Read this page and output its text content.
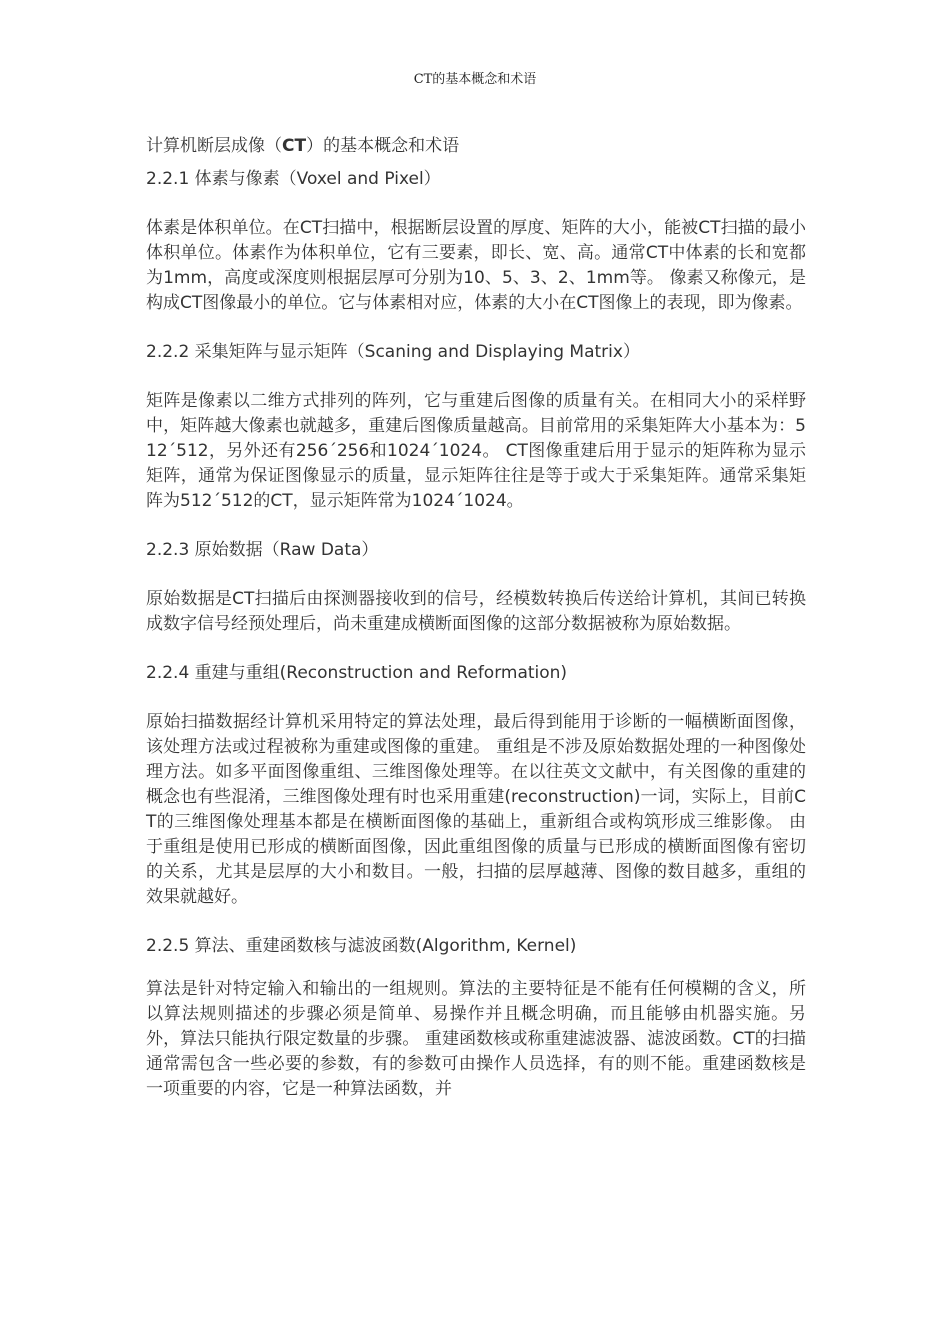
CT的基本概念和术语
计算机断层成像（CT）的基本概念和术语
2.2.1 体素与像素（Voxel and Pixel）

体素是体积单位。在CT扫描中，根据断层设置的厚度、矩阵的大小，能被CT扫描的最小体积单位。体素作为体积单位，它有三要素，即长、宽、高。通常CT中体素的长和宽都为1mm，高度或深度则根据层厚可分别为10、5、3、2、1mm等。 像素又称像元，是构成CT图像最小的单位。它与体素相对应，体素的大小在CT图像上的表现，即为像素。

2.2.2 采集矩阵与显示矩阵（Scaning and Displaying Matrix）

矩阵是像素以二维方式排列的阵列，它与重建后图像的质量有关。在相同大小的采样野中，矩阵越大像素也就越多，重建后图像质量越高。目前常用的采集矩阵大小基本为：512´512，另外还有256´256和1024´1024。 CT图像重建后用于显示的矩阵称为显示矩阵，通常为保证图像显示的质量，显示矩阵往往是等于或大于采集矩阵。通常采集矩阵为512´512的CT，显示矩阵常为1024´1024。

2.2.3 原始数据（Raw Data）

原始数据是CT扫描后由探测器接收到的信号，经模数转换后传送给计算机，其间已转换成数字信号经预处理后，尚未重建成横断面图像的这部分数据被称为原始数据。

2.2.4 重建与重组(Reconstruction and Reformation)

原始扫描数据经计算机采用特定的算法处理，最后得到能用于诊断的一幅横断面图像，该处理方法或过程被称为重建或图像的重建。 重组是不涉及原始数据处理的一种图像处理方法。如多平面图像重组、三维图像处理等。在以往英文文献中，有关图像的重建的概念也有些混淆，三维图像处理有时也采用重建(reconstruction)一词，实际上，目前CT的三维图像处理基本都是在横断面图像的基础上，重新组合或构筑形成三维影像。 由于重组是使用已形成的横断面图像，因此重组图像的质量与已形成的横断面图像有密切的关系，尤其是层厚的大小和数目。一般，扫描的层厚越薄、图像的数目越多，重组的效果就越好。

2.2.5 算法、重建函数核与滤波函数(Algorithm, Kernel)

算法是针对特定输入和输出的一组规则。算法的主要特征是不能有任何模糊的含义，所以算法规则描述的步骤必须是简单、易操作并且概念明确，而且能够由机器实施。另外，算法只能执行限定数量的步骤。 重建函数核或称重建滤波器、滤波函数。CT的扫描通常需包含一些必要的参数，有的参数可由操作人员选择，有的则不能。重建函数核是一项重要的内容，它是一种算法函数，并
